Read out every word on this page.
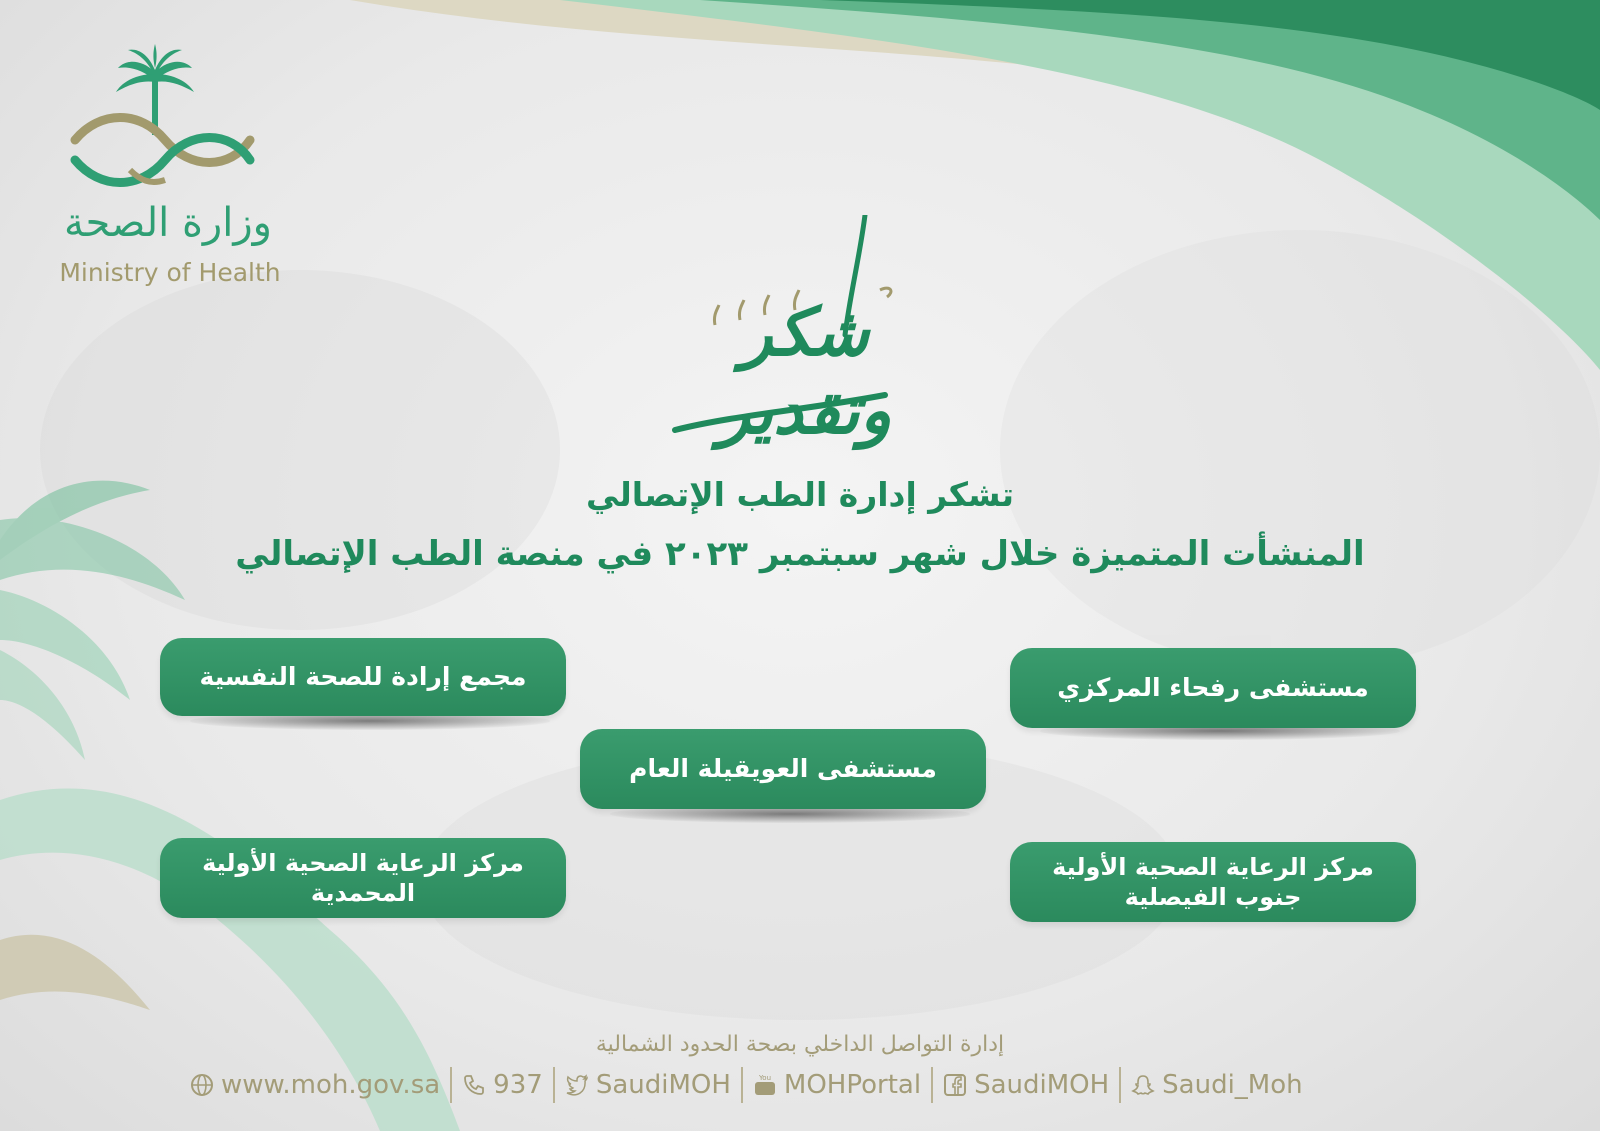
وزارة الصحة
Ministry of Health
شكر وتقدير
تشكر إدارة الطب الإتصالي
المنشأت المتميزة خلال شهر سبتمبر ٢٠٢٣ في منصة الطب الإتصالي
مجمع إرادة للصحة النفسية	مستشفى رفحاء المركزي
مستشفى العويقيلة العام
مركز الرعاية الصحية الأولية
المحمدية
مركز الرعاية الصحية الأولية
جنوب الفيصلية
إدارة التواصل الداخلي بصحة الحدود الشمالية
www.moh.gov.sa 937 SaudiMOH	You MOHPortal SaudiMOH Saudi_Moh
